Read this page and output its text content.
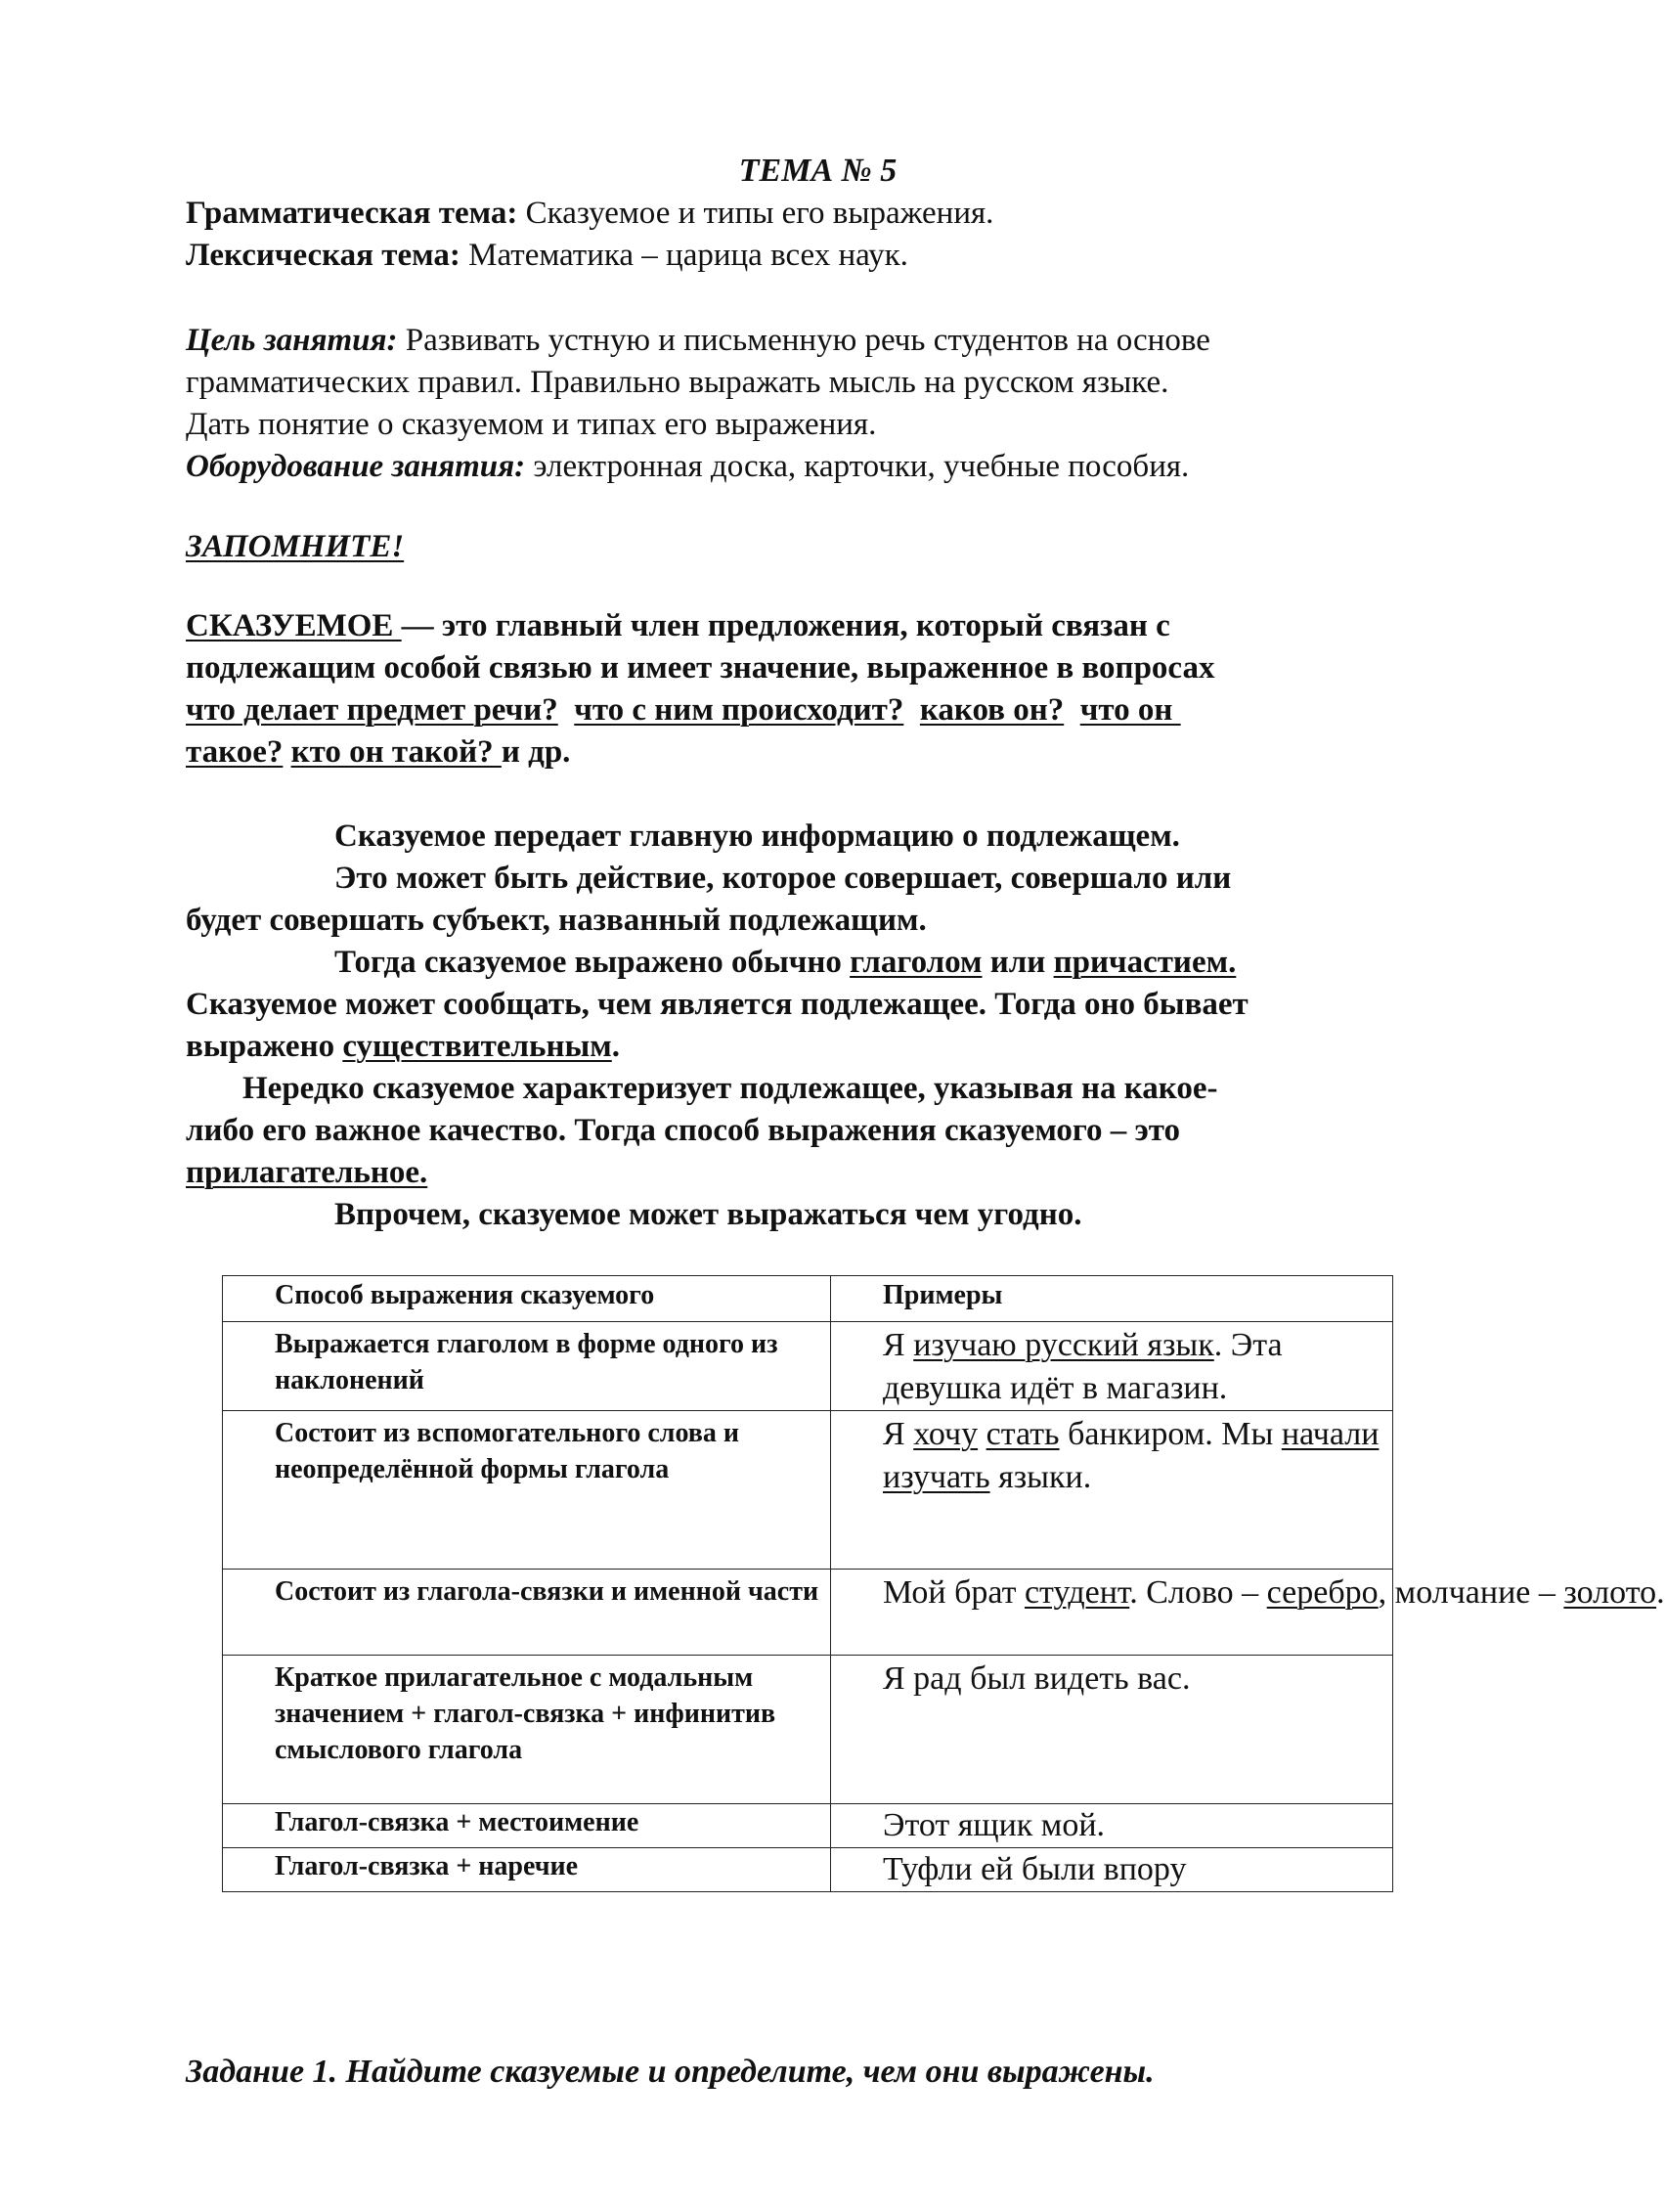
ТЕМА № 5
Грамматическая тема: Сказуемое и типы его выражения.
Лексическая тема: Математика – царица всех наук.
Цель занятия: Развивать устную и письменную речь студентов на основе
грамматических правил. Правильно выражать мысль на русском языке.
Дать понятие о сказуемом и типах его выражения.
Оборудование занятия: электронная доска, карточки, учебные пособия.
ЗАПОМНИТЕ!
СКАЗУЕМОЕ — это главный член предложения, который связан с
подлежащим особой связью и имеет значение, выраженное в вопросах
что делает предмет речи? что с ним происходит? каков он? что он
такое? кто он такой? и др.
Сказуемое передает главную информацию о подлежащем.
Это может быть действие, которое совершает, совершало или
будет совершать субъект, названный подлежащим.
Тогда сказуемое выражено обычно глаголом или причастием.
Сказуемое может сообщать, чем является подлежащее. Тогда оно бывает
выражено существительным.
Нередко сказуемое характеризует подлежащее, указывая на какое-
либо его важное качество. Тогда способ выражения сказуемого – это
прилагательное.
Впрочем, сказуемое может выражаться чем угодно.
Способ выражения сказуемого	Примеры
Выражается глаголом в форме одного из наклонений	Я изучаю русский язык. Эта девушка идёт в магазин.
Состоит из вспомогательного слова и неопределённой формы глагола	Я хочу стать банкиром. Мы начали изучать языки.
Состоит из глагола-связки и именной части	Мой брат студент. Слово – серебро, молчание – золото.
Краткое прилагательное с модальным значением + глагол-связка + инфинитив смыслового глагола	Я рад был видеть вас.
Глагол-связка + местоимение	Этот ящик мой.
Глагол-связка + наречие	Туфли ей были впору
Задание 1. Найдите сказуемые и определите, чем они выражены.
